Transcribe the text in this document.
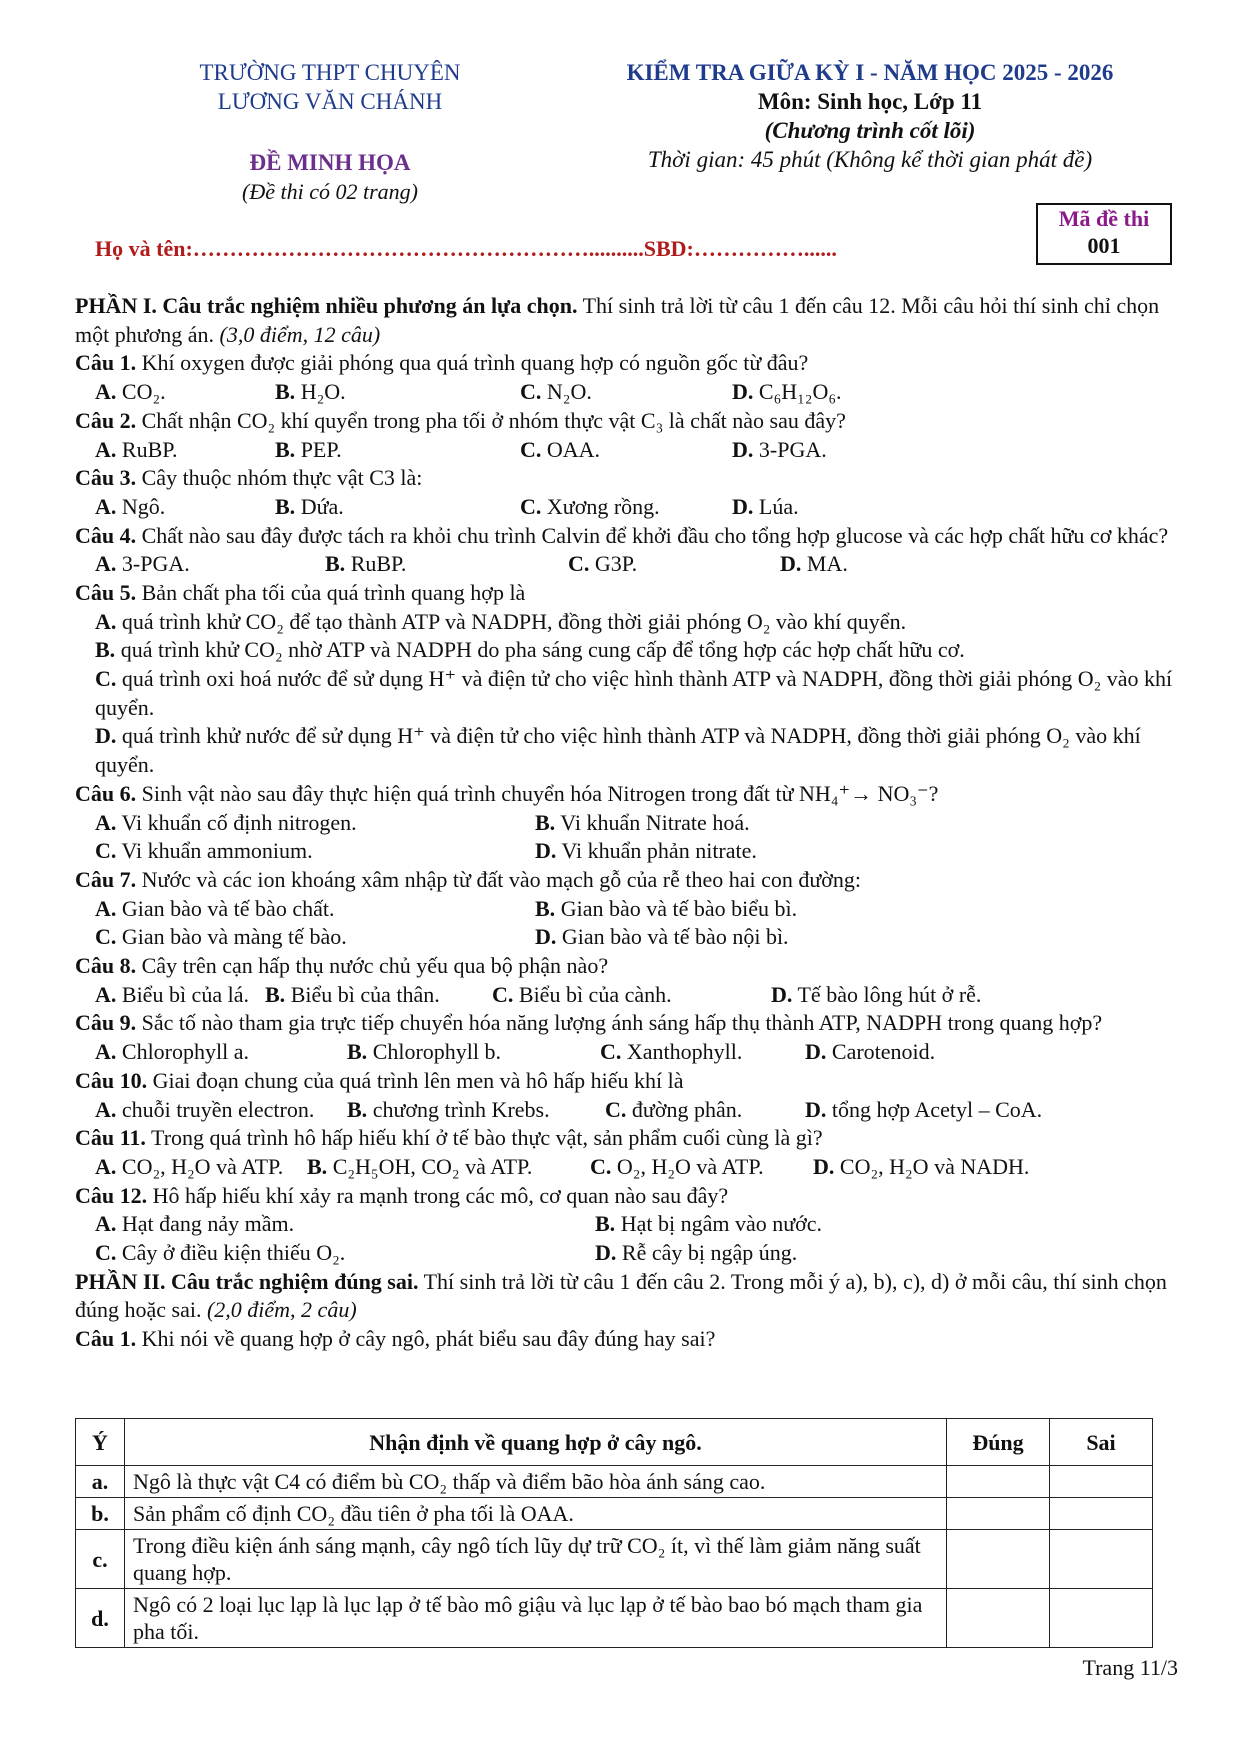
TRƯỜNG THPT CHUYÊN
LƯƠNG VĂN CHÁNH
KIỂM TRA GIỮA KỲ I - NĂM HỌC 2025 - 2026
Môn: Sinh học, Lớp 11
(Chương trình cốt lõi)
Thời gian: 45 phút (Không kể thời gian phát đề)
ĐỀ MINH HỌA
(Đề thi có 02 trang)
Mã đề thi
001
Họ và tên:………………………………………………..........SBD:……………......

PHẦN I. Câu trắc nghiệm nhiều phương án lựa chọn. Thí sinh trả lời từ câu 1 đến câu 12. Mỗi câu hỏi thí sinh chỉ chọn một phương án. (3,0 điểm, 12 câu)

Câu 1. Khí oxygen được giải phóng qua quá trình quang hợp có nguồn gốc từ đâu?

A. CO₂.	B. H₂O.	C. N₂O.	D. C₆H₁₂O₆.

Câu 2. Chất nhận CO₂ khí quyển trong pha tối ở nhóm thực vật C₃ là chất nào sau đây?

A. RuBP.	B. PEP.	C. OAA.	D. 3-PGA.

Câu 3. Cây thuộc nhóm thực vật C3 là:

A. Ngô.	B. Dứa.	C. Xương rồng.	D. Lúa.

Câu 4. Chất nào sau đây được tách ra khỏi chu trình Calvin để khởi đầu cho tổng hợp glucose và các hợp chất hữu cơ khác?

A. 3-PGA.	B. RuBP.	C. G3P.	D. MA.

Câu 5. Bản chất pha tối của quá trình quang hợp là

A. quá trình khử CO₂ để tạo thành ATP và NADPH, đồng thời giải phóng O₂ vào khí quyển.
B. quá trình khử CO₂ nhờ ATP và NADPH do pha sáng cung cấp để tổng hợp các hợp chất hữu cơ.
C. quá trình oxi hoá nước để sử dụng H⁺ và điện tử cho việc hình thành ATP và NADPH, đồng thời giải phóng O₂ vào khí quyển.
D. quá trình khử nước để sử dụng H⁺ và điện tử cho việc hình thành ATP và NADPH, đồng thời giải phóng O₂ vào khí quyển.

Câu 6. Sinh vật nào sau đây thực hiện quá trình chuyển hóa Nitrogen trong đất từ NH₄⁺→ NO₃⁻?

A. Vi khuẩn cố định nitrogen.	B. Vi khuẩn Nitrate hoá.
C. Vi khuẩn ammonium.	D. Vi khuẩn phản nitrate.

Câu 7. Nước và các ion khoáng xâm nhập từ đất vào mạch gỗ của rễ theo hai con đường:

A. Gian bào và tế bào chất.	B. Gian bào và tế bào biểu bì.
C. Gian bào và màng tế bào.	D. Gian bào và tế bào nội bì.

Câu 8. Cây trên cạn hấp thụ nước chủ yếu qua bộ phận nào?

A. Biểu bì của lá. B. Biểu bì của thân. C. Biểu bì của cành.	D. Tế bào lông hút ở rễ.

Câu 9. Sắc tố nào tham gia trực tiếp chuyển hóa năng lượng ánh sáng hấp thụ thành ATP, NADPH trong quang hợp?

A. Chlorophyll a.	B. Chlorophyll b.	C. Xanthophyll.	D. Carotenoid.

Câu 10. Giai đoạn chung của quá trình lên men và hô hấp hiếu khí là

A. chuỗi truyền electron. B. chương trình Krebs.	C. đường phân.	D. tổng hợp Acetyl – CoA.

Câu 11. Trong quá trình hô hấp hiếu khí ở tế bào thực vật, sản phẩm cuối cùng là gì?

A. CO₂, H₂O và ATP. B. C₂H₅OH, CO₂ và ATP.	C. O₂, H₂O và ATP. D. CO₂, H₂O và NADH.

Câu 12. Hô hấp hiếu khí xảy ra mạnh trong các mô, cơ quan nào sau đây?

A. Hạt đang nảy mầm.	B. Hạt bị ngâm vào nước.
C. Cây ở điều kiện thiếu O₂.	D. Rễ cây bị ngập úng.

PHẦN II. Câu trắc nghiệm đúng sai. Thí sinh trả lời từ câu 1 đến câu 2. Trong mỗi ý a), b), c), d) ở mỗi câu, thí sinh chọn đúng hoặc sai. (2,0 điểm, 2 câu)

Câu 1. Khi nói về quang hợp ở cây ngô, phát biểu sau đây đúng hay sai?

Ý	Nhận định về quang hợp ở cây ngô.	Đúng	Sai
a.	Ngô là thực vật C4 có điểm bù CO₂ thấp và điểm bão hòa ánh sáng cao.		
b.	Sản phẩm cố định CO₂ đầu tiên ở pha tối là OAA.		
c.	Trong điều kiện ánh sáng mạnh, cây ngô tích lũy dự trữ CO₂ ít, vì thế làm giảm năng suất quang hợp.		
d.	Ngô có 2 loại lục lạp là lục lạp ở tế bào mô giậu và lục lạp ở tế bào bao bó mạch tham gia pha tối.		
Trang 11/3
